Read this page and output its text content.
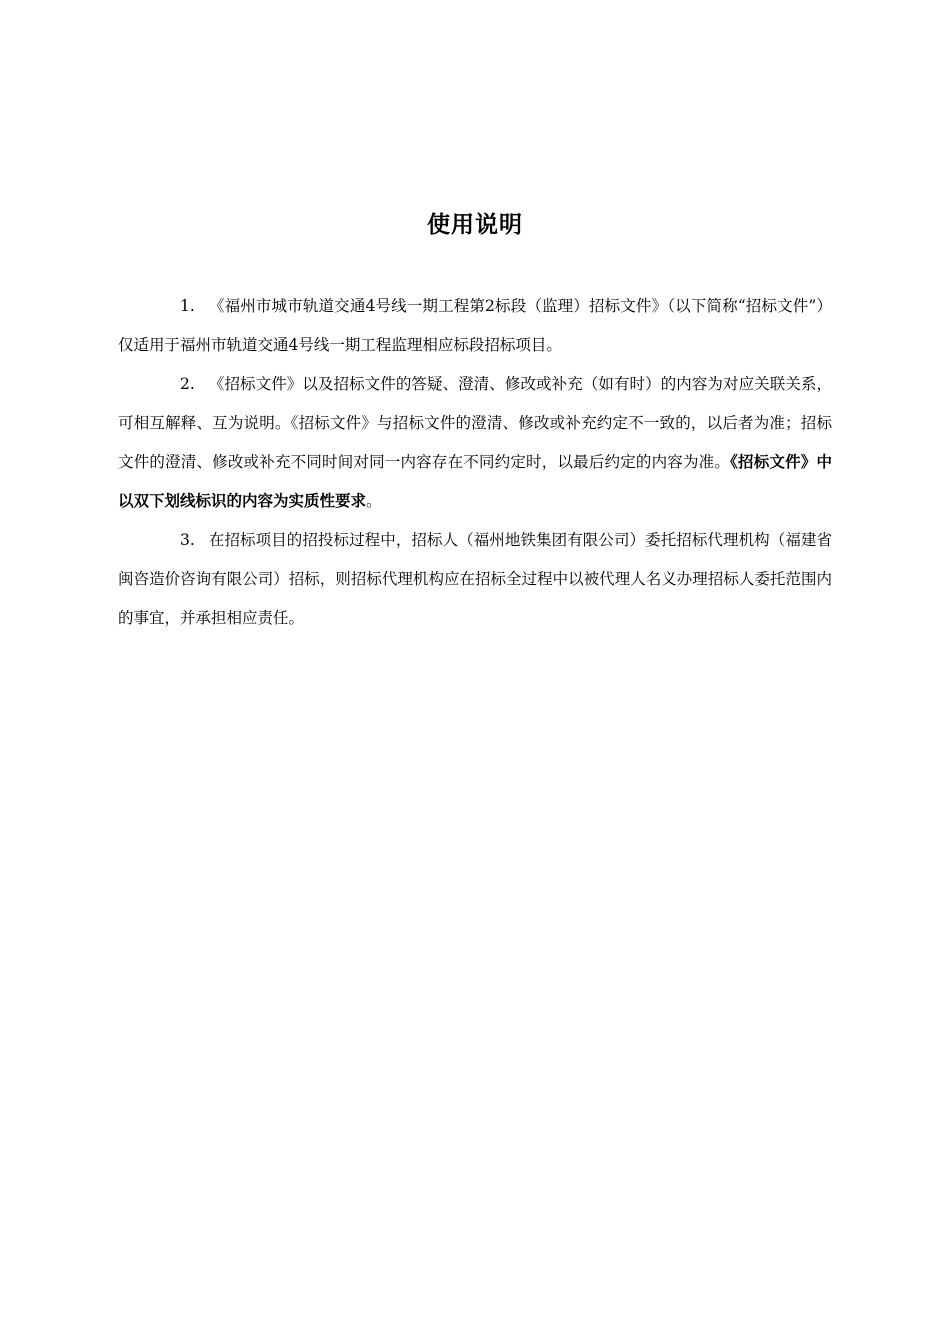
使用说明

1. 《福州市城市轨道交通4号线一期工程第2标段（监理）招标文件》（以下简称“招标文件”）仅适用于福州市轨道交通4号线一期工程监理相应标段招标项目。

2. 《招标文件》以及招标文件的答疑、澄清、修改或补充（如有时）的内容为对应关联关系，可相互解释、互为说明。《招标文件》与招标文件的澄清、修改或补充约定不一致的，以后者为准；招标文件的澄清、修改或补充不同时间对同一内容存在不同约定时，以最后约定的内容为准。《招标文件》中以双下划线标识的内容为实质性要求。

3. 在招标项目的招投标过程中，招标人（福州地铁集团有限公司）委托招标代理机构（福建省闽咨造价咨询有限公司）招标，则招标代理机构应在招标全过程中以被代理人名义办理招标人委托范围内的事宜，并承担相应责任。
